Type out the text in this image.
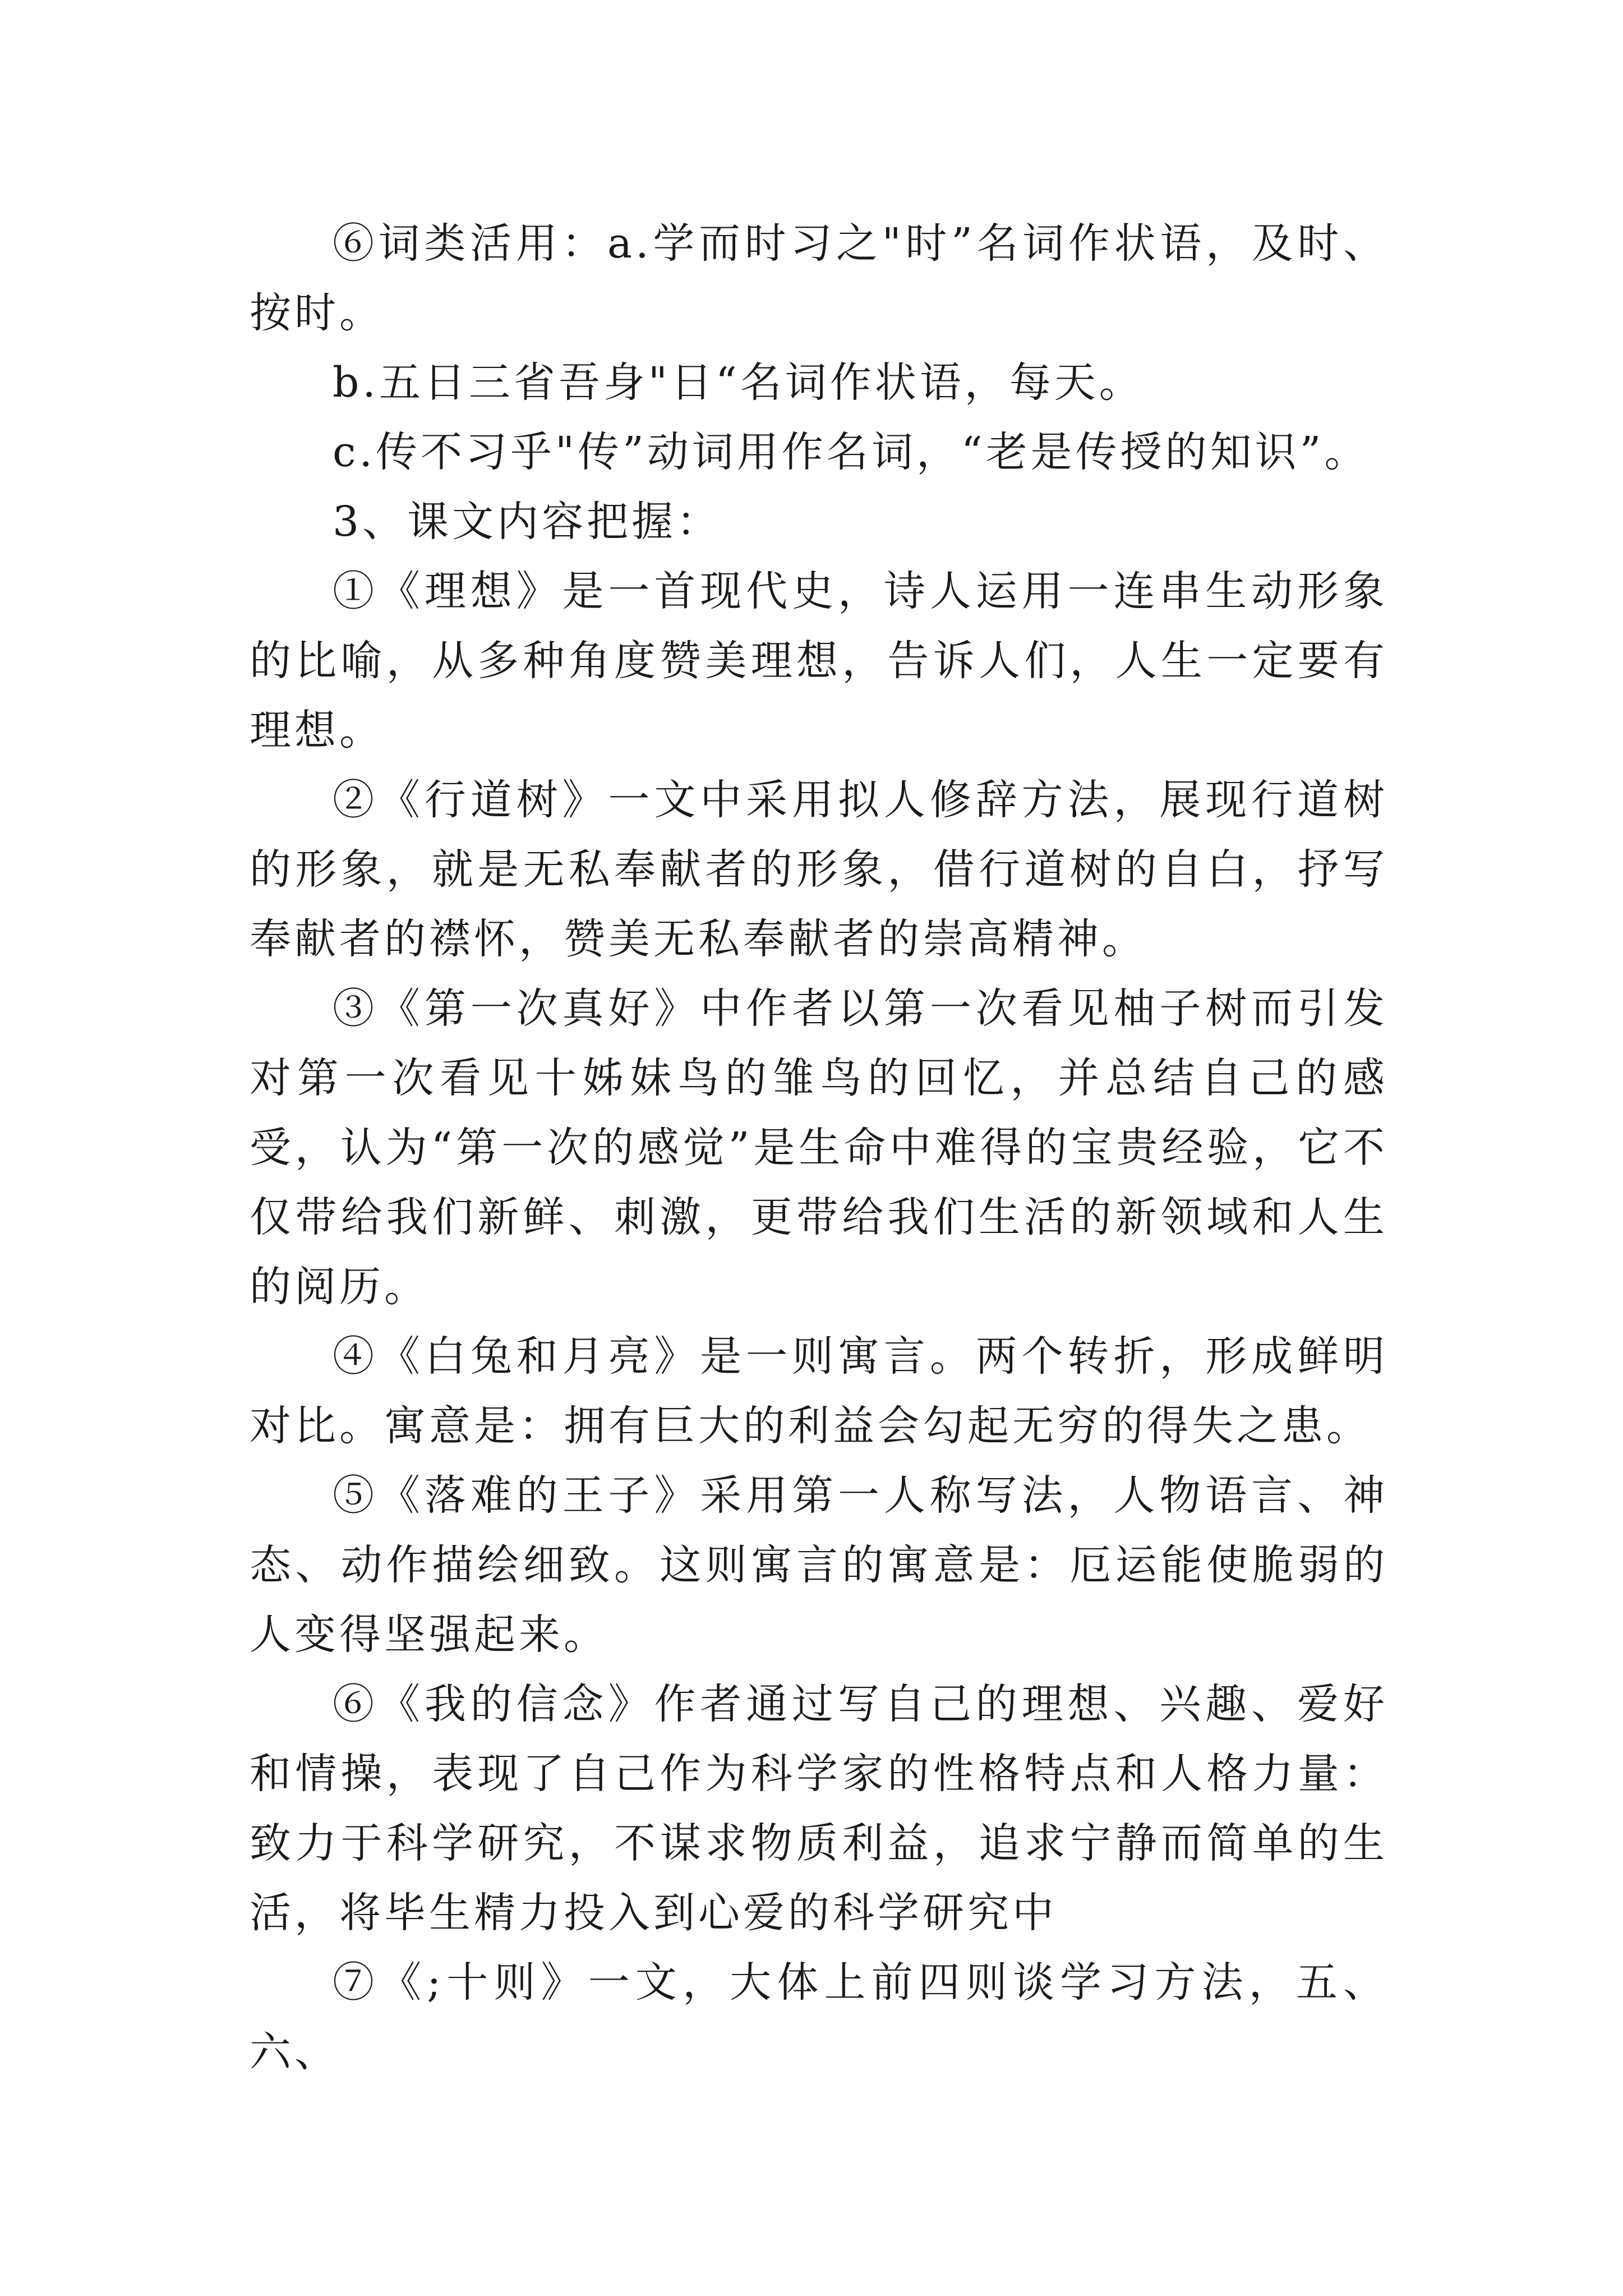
⑥词类活用：a.学而时习之"时”名词作状语，及时、按时。

b.五日三省吾身"日“名词作状语，每天。

c.传不习乎"传”动词用作名词，“老是传授的知识”。

3、课文内容把握：

①《理想》是一首现代史，诗人运用一连串生动形象的比喻，从多种角度赞美理想，告诉人们，人生一定要有理想。

②《行道树》一文中采用拟人修辞方法，展现行道树的形象，就是无私奉献者的形象，借行道树的自白，抒写奉献者的襟怀，赞美无私奉献者的崇高精神。

③《第一次真好》中作者以第一次看见柚子树而引发对第一次看见十姊妹鸟的雏鸟的回忆，并总结自己的感受，认为“第一次的感觉”是生命中难得的宝贵经验，它不仅带给我们新鲜、刺激，更带给我们生活的新领域和人生的阅历。

④《白兔和月亮》是一则寓言。两个转折，形成鲜明对比。寓意是：拥有巨大的利益会勾起无穷的得失之患。

⑤《落难的王子》采用第一人称写法，人物语言、神态、动作描绘细致。这则寓言的寓意是：厄运能使脆弱的人变得坚强起来。

⑥《我的信念》作者通过写自己的理想、兴趣、爱好和情操，表现了自己作为科学家的性格特点和人格力量：致力于科学研究，不谋求物质利益，追求宁静而简单的生活，将毕生精力投入到心爱的科学研究中

⑦《;十则》一文，大体上前四则谈学习方法，五、六、
